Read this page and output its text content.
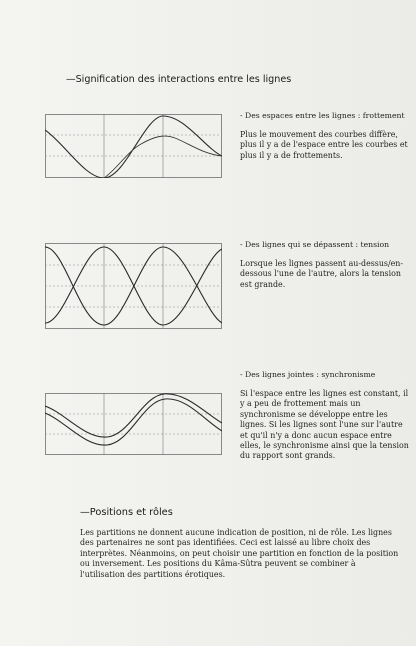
—Signification des interactions entre les lignes

- Des espaces entre les lignes : frottement

Plus le mouvement des courbes diffère, plus il y a de l'espace entre les courbes et plus il y a de frottements.

- Des lignes qui se dépassent : tension

Lorsque les lignes passent au-dessus/en-dessous l'une de l'autre, alors la tension est grande.

- Des lignes jointes : synchronisme

Si l'espace entre les lignes est constant, il y a peu de frottement mais un synchronisme se développe entre les lignes. Si les lignes sont l'une sur l'autre et qu'il n'y a donc aucun espace entre elles, le synchronisme ainsi que la tension du rapport sont grands.

—Positions et rôles

Les partitions ne donnent aucune indication de position, ni de rôle. Les lignes des partenaires ne sont pas identifiées. Ceci est laissé au libre choix des interprètes. Néanmoins, on peut choisir une partition en fonction de la position ou inversement. Les positions du Kâma-Sûtra peuvent se combiner à l'utilisation des partitions érotiques.
